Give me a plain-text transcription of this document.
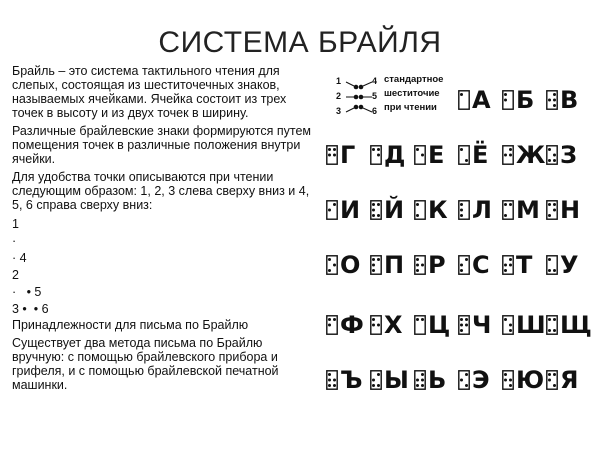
СИСТЕМА БРАЙЛЯ

Брайль – это система тактильного чтения для слепых, состоящая из шеститочечных знаков, называемых ячейками. Ячейка состоит из трех точек в высоту и из двух точек в ширину.

Различные брайлевские знаки формируются путем помещения точек в различные положения внутри ячейки.

Для удобства точки описываются при чтении следующим образом: 1, 2, 3 слева сверху вниз и 4, 5, 6 справа сверху вниз:

1

·

· 4

2

·   • 5

3 •  • 6

Принадлежности для письма по Брайлю

Существует два метода письма по Брайлю вручную: с помощью брайлевского прибора и грифеля, и с помощью брайлевской печатной машинки.

1
2
3
4
5
6
стандартное
шеститочие
при чтении А Б В
Г Д Е Ё Ж З
И Й К Л М Н
О П Р С Т У
Ф Х Ц Ч Ш Щ
Ъ Ы Ь Э Ю Я
